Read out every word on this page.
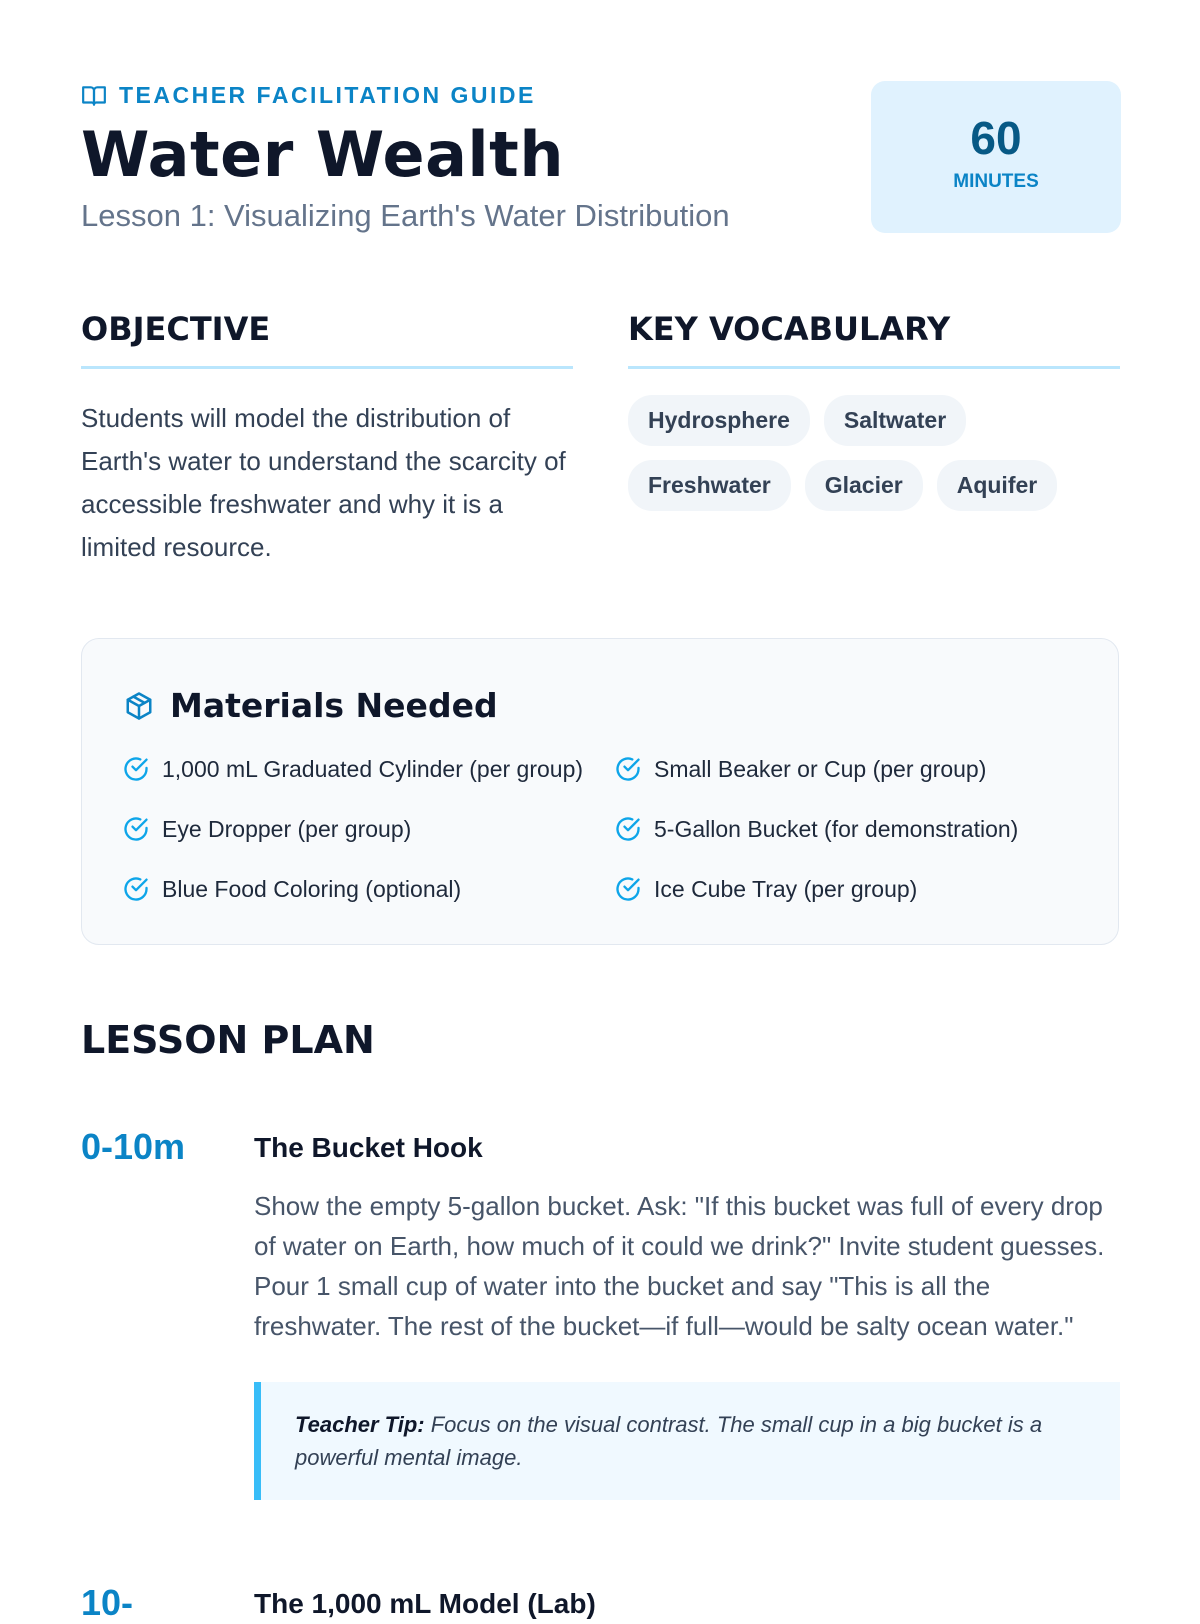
TEACHER FACILITATION GUIDE
Water Wealth
Lesson 1: Visualizing Earth's Water Distribution
60
MINUTES
OBJECTIVE

Students will model the distribution of Earth's water to understand the scarcity of accessible freshwater and why it is a limited resource.

KEY VOCABULARY
Hydrosphere	Saltwater
Freshwater	Glacier	Aquifer
Materials Needed
1,000 mL Graduated Cylinder (per group)	Small Beaker or Cup (per group)
Eye Dropper (per group)	5-Gallon Bucket (for demonstration)
Blue Food Coloring (optional)	Ice Cube Tray (per group)
LESSON PLAN
0-10m The Bucket Hook

Show the empty 5-gallon bucket. Ask: "If this bucket was full of every drop of water on Earth, how much of it could we drink?" Invite student guesses. Pour 1 small cup of water into the bucket and say "This is all the freshwater. The rest of the bucket—if full—would be salty ocean water."

Teacher Tip: Focus on the visual contrast. The small cup in a big bucket is a powerful mental image.
10-	The 1,000 mL Model (Lab)
